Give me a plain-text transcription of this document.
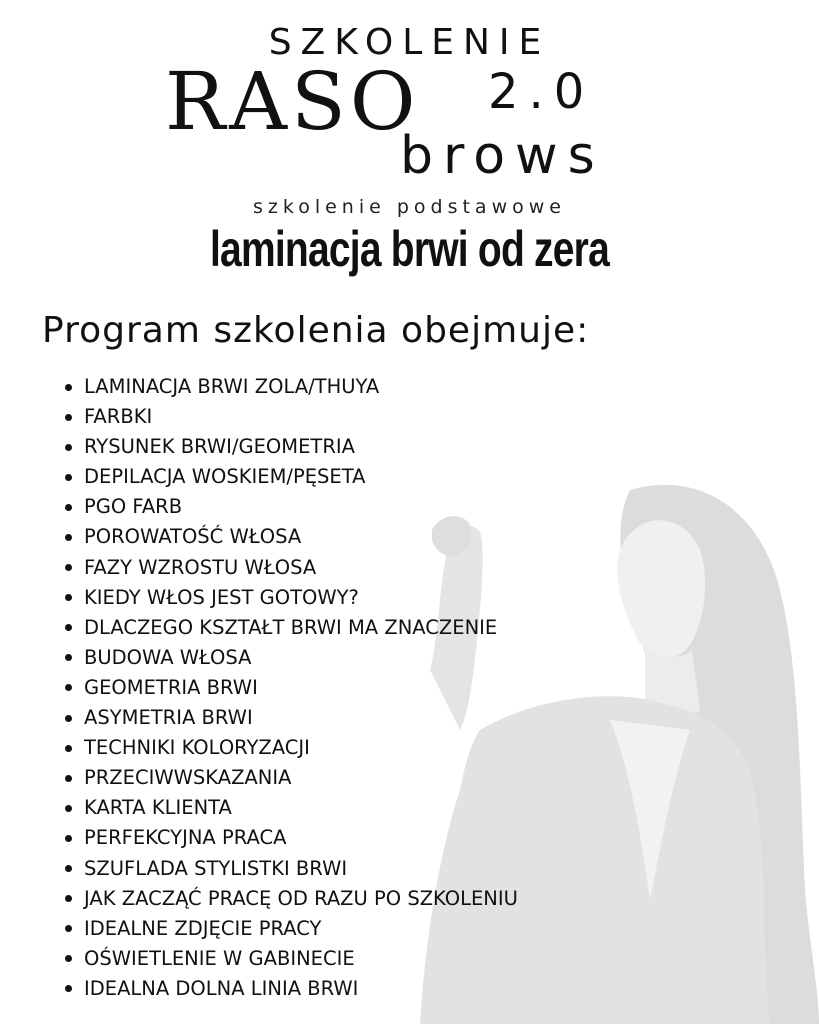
SZKOLENIE
RASO 2.0
brows
szkolenie podstawowe
laminacja brwi od zera
Program szkolenia obejmuje:
LAMINACJA BRWI ZOLA/THUYA
FARBKI
RYSUNEK BRWI/GEOMETRIA
DEPILACJA WOSKIEM/PĘSETA
PGO FARB
POROWATOŚĆ WŁOSA
FAZY WZROSTU WŁOSA
KIEDY WŁOS JEST GOTOWY?
DLACZEGO KSZTAŁT BRWI MA ZNACZENIE
BUDOWA WŁOSA
GEOMETRIA BRWI
ASYMETRIA BRWI
TECHNIKI KOLORYZACJI
PRZECIWWSKAZANIA
KARTA KLIENTA
PERFEKCYJNA PRACA
SZUFLADA STYLISTKI BRWI
JAK ZACZĄĆ PRACĘ OD RAZU PO SZKOLENIU
IDEALNE ZDJĘCIE PRACY
OŚWIETLENIE W GABINECIE
IDEALNA DOLNA LINIA BRWI
